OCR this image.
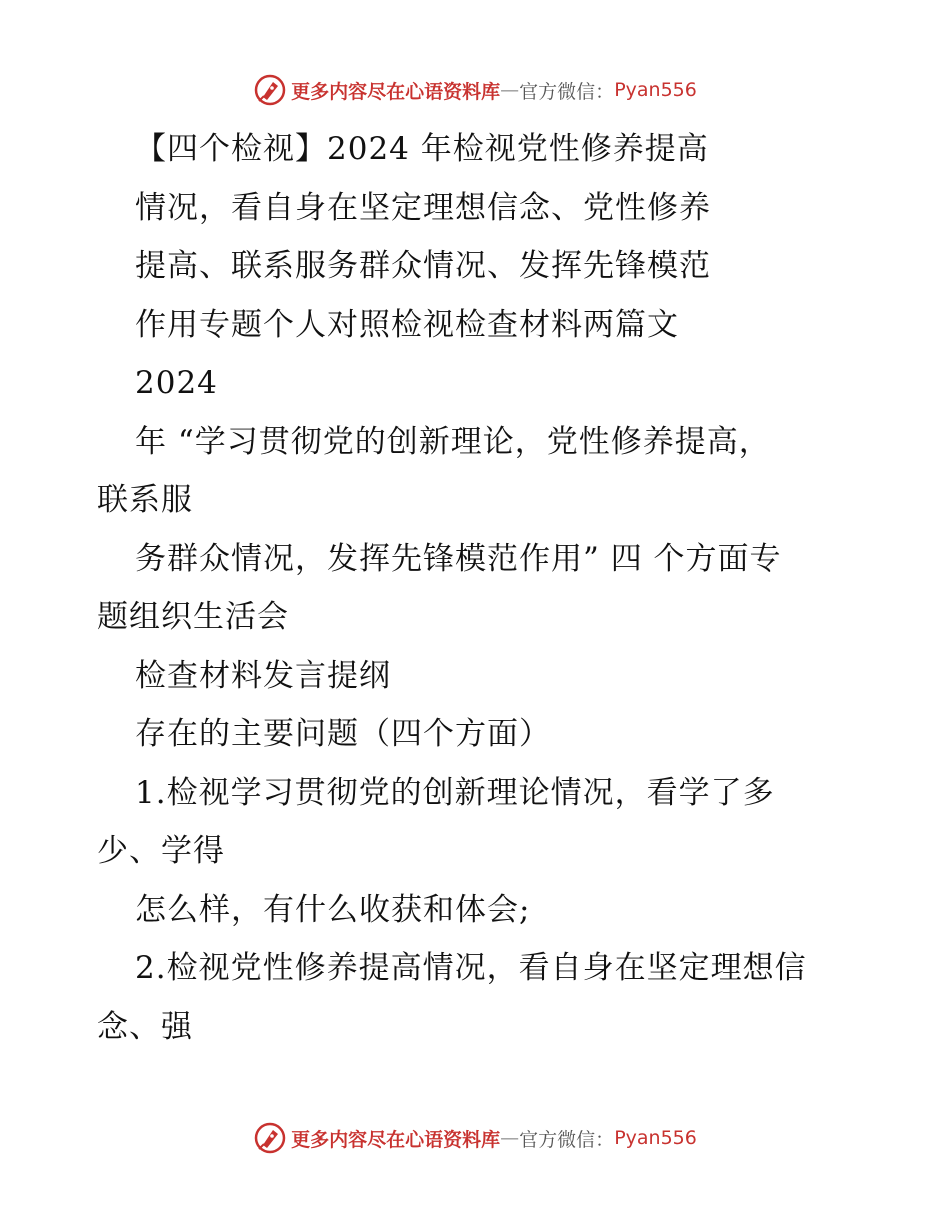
更多内容尽在心语资料库 — 官方微信： Pyan556
【四个检视】2024 年检视党性修养提高
情况，看自身在坚定理想信念、党性修养
提高、联系服务群众情况、发挥先锋模范
作用专题个人对照检视检查材料两篇文
2024
年 “学习贯彻党的创新理论，党性修养提高，
联系服
务群众情况，发挥先锋模范作用” 四 个方面专
题组织生活会
检查材料发言提纲
存在的主要问题（四个方面）
1.检视学习贯彻党的创新理论情况，看学了多
少、学得
怎么样，有什么收获和体会;
2.检视党性修养提高情况，看自身在坚定理想信
念、强
更多内容尽在心语资料库 — 官方微信： Pyan556
